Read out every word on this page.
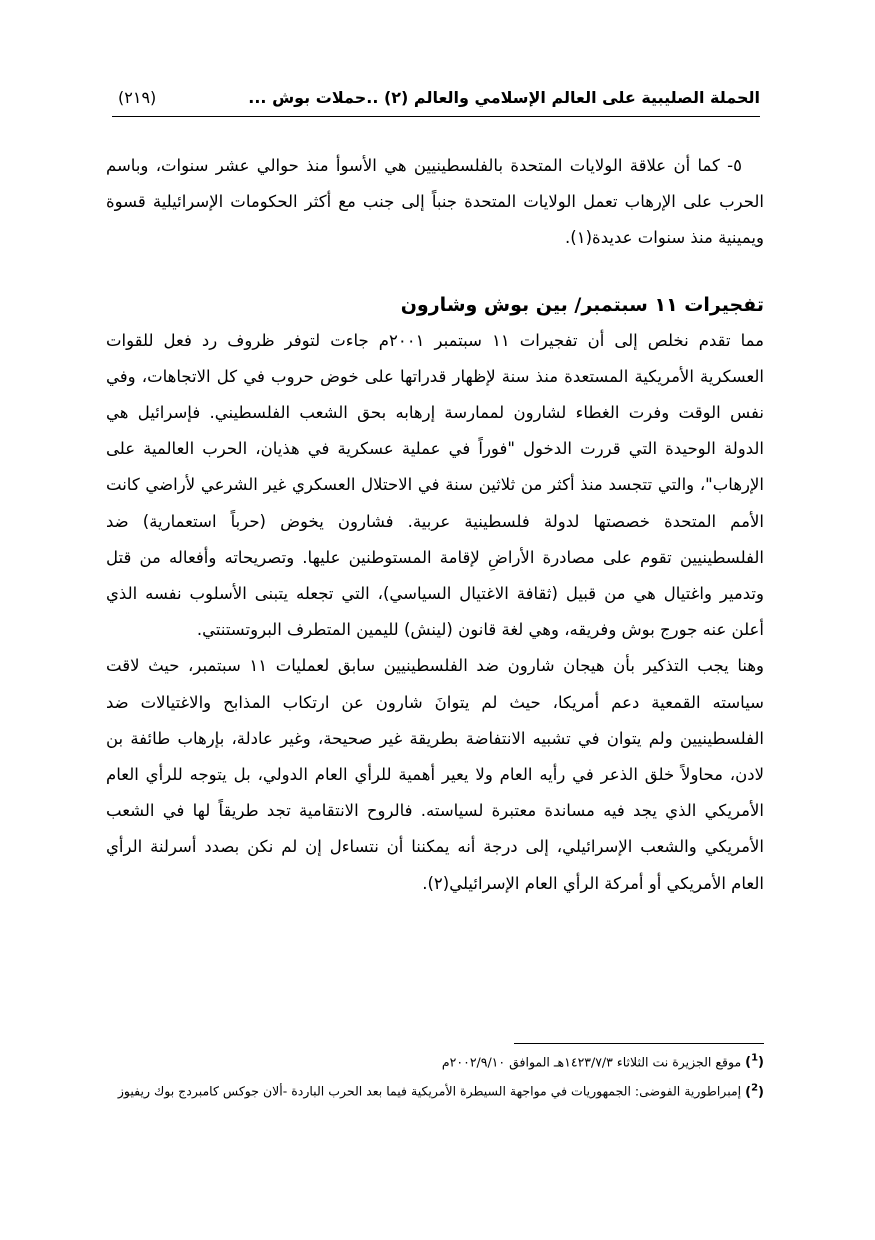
الحملة الصليبية على العالم الإسلامي والعالم (٢) ..حملات بوش ...
(٢١٩)

٥- كما أن علاقة الولايات المتحدة بالفلسطينيين هي الأسوأ منذ حوالي عشر سنوات، وباسم الحرب على الإرهاب تعمل الولايات المتحدة جنباً إلى جنب مع أكثر الحكومات الإسرائيلية قسوة ويمينية منذ سنوات عديدة(١).

تفجيرات ١١ سبتمبر/ بين بوش وشارون

مما تقدم نخلص إلى أن تفجيرات ١١ سبتمبر ٢٠٠١م جاءت لتوفر ظروف رد فعل للقوات العسكرية الأمريكية المستعدة منذ سنة لإظهار قدراتها على خوض حروب في كل الاتجاهات، وفي نفس الوقت وفرت الغطاء لشارون لممارسة إرهابه بحق الشعب الفلسطيني. فإسرائيل هي الدولة الوحيدة التي قررت الدخول "فوراً في عملية عسكرية في هذيان، الحرب العالمية على الإرهاب"، والتي تتجسد منذ أكثر من ثلاثين سنة في الاحتلال العسكري غير الشرعي لأراضي كانت الأمم المتحدة خصصتها لدولة فلسطينية عربية. فشارون يخوض (حرباً استعمارية) ضد الفلسطينيين تقوم على مصادرة الأراضِ لإقامة المستوطنين عليها. وتصريحاته وأفعاله من قتل وتدمير واغتيال هي من قبيل (ثقافة الاغتيال السياسي)، التي تجعله يتبنى الأسلوب نفسه الذي أعلن عنه جورج بوش وفريقه، وهي لغة قانون (لينش) لليمين المتطرف البروتستنتي.

وهنا يجب التذكير بأن هيجان شارون ضد الفلسطينيين سابق لعمليات ١١ سبتمبر، حيث لاقت سياسته القمعية دعم أمريكا، حيث لم يتوانَ شارون عن ارتكاب المذابح والاغتيالات ضد الفلسطينيين ولم يتوان في تشبيه الانتفاضة بطريقة غير صحيحة، وغير عادلة، بإرهاب طائفة بن لادن، محاولاً خلق الذعر في رأيه العام ولا يعير أهمية للرأي العام الدولي، بل يتوجه للرأي العام الأمريكي الذي يجد فيه مساندة معتبرة لسياسته. فالروح الانتقامية تجد طريقاً لها في الشعب الأمريكي والشعب الإسرائيلي، إلى درجة أنه يمكننا أن نتساءل إن لم نكن بصدد أسرلنة الرأي العام الأمريكي أو أمركة الرأي العام الإسرائيلي(٢).

($^1$) موقع الجزيرة نت الثلاثاء ١٤٢٣/٧/٣هـ الموافق ٢٠٠٢/٩/١٠م

($^2$) إمبراطورية الفوضى: الجمهوريات في مواجهة السيطرة الأمريكية فيما بعد الحرب الباردة -ألان جوكس كامبردج بوك ريفيوز
